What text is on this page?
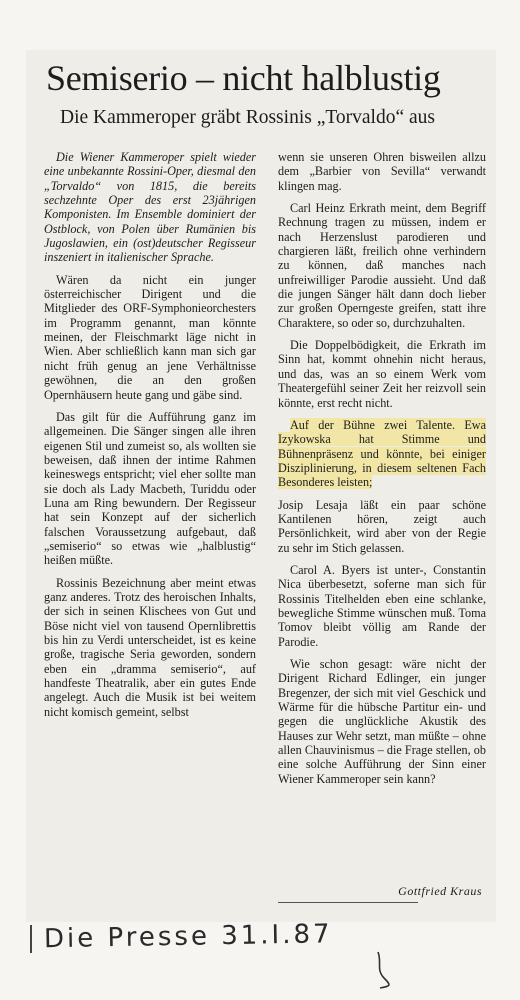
Semiserio – nicht halblustig
Die Kammeroper gräbt Rossinis „Torvaldo“ aus

Die Wiener Kammeroper spielt wieder eine unbekannte Rossini-Oper, diesmal den „Torvaldo“ von 1815, die bereits sechzehnte Oper des erst 23jährigen Komponisten. Im Ensemble dominiert der Ostblock, von Polen über Rumänien bis Jugoslawien, ein (ost)deutscher Regisseur inszeniert in italienischer Sprache.

Wären da nicht ein junger österreichischer Dirigent und die Mitglieder des ORF-Symphonieorchesters im Programm genannt, man könnte meinen, der Fleischmarkt läge nicht in Wien. Aber schließlich kann man sich gar nicht früh genug an jene Verhältnisse gewöhnen, die an den großen Opernhäusern heute gang und gäbe sind.

Das gilt für die Aufführung ganz im allgemeinen. Die Sänger singen alle ihren eigenen Stil und zumeist so, als wollten sie beweisen, daß ihnen der intime Rahmen keineswegs entspricht; viel eher sollte man sie doch als Lady Macbeth, Turiddu oder Luna am Ring bewundern. Der Regisseur hat sein Konzept auf der sicherlich falschen Voraussetzung aufgebaut, daß „semiserio“ so etwas wie „halblustig“ heißen müßte.

Rossinis Bezeichnung aber meint etwas ganz anderes. Trotz des heroischen Inhalts, der sich in seinen Klischees von Gut und Böse nicht viel von tausend Opernlibrettis bis hin zu Verdi unterscheidet, ist es keine große, tragische Seria geworden, sondern eben ein „dramma semiserio“, auf handfeste Theatralik, aber ein gutes Ende angelegt. Auch die Musik ist bei weitem nicht komisch gemeint, selbst

wenn sie unseren Ohren bisweilen allzu dem „Barbier von Sevilla“ verwandt klingen mag.

Carl Heinz Erkrath meint, dem Begriff Rechnung tragen zu müssen, indem er nach Herzenslust parodieren und chargieren läßt, freilich ohne verhindern zu können, daß manches nach unfreiwilliger Parodie aussieht. Und daß die jungen Sänger hält dann doch lieber zur großen Operngeste greifen, statt ihre Charaktere, so oder so, durchzuhalten.

Die Doppelbödigkeit, die Erkrath im Sinn hat, kommt ohnehin nicht heraus, und das, was an so einem Werk vom Theatergefühl seiner Zeit her reizvoll sein könnte, erst recht nicht.

Auf der Bühne zwei Talente. Ewa Izykowska hat Stimme und Bühnenpräsenz und könnte, bei einiger Disziplinierung, in diesem seltenen Fach Besonderes leisten;

Josip Lesaja läßt ein paar schöne Kantilenen hören, zeigt auch Persönlichkeit, wird aber von der Regie zu sehr im Stich gelassen.

Carol A. Byers ist unter-, Constantin Nica überbesetzt, soferne man sich für Rossinis Titelhelden eben eine schlanke, bewegliche Stimme wünschen muß. Toma Tomov bleibt völlig am Rande der Parodie.

Wie schon gesagt: wäre nicht der Dirigent Richard Edlinger, ein junger Bregenzer, der sich mit viel Geschick und Wärme für die hübsche Partitur ein- und gegen die unglückliche Akustik des Hauses zur Wehr setzt, man müßte – ohne allen Chauvinismus – die Frage stellen, ob eine solche Aufführung der Sinn einer Wiener Kammeroper sein kann?

Gottfried Kraus
Die Presse 31.I.87
